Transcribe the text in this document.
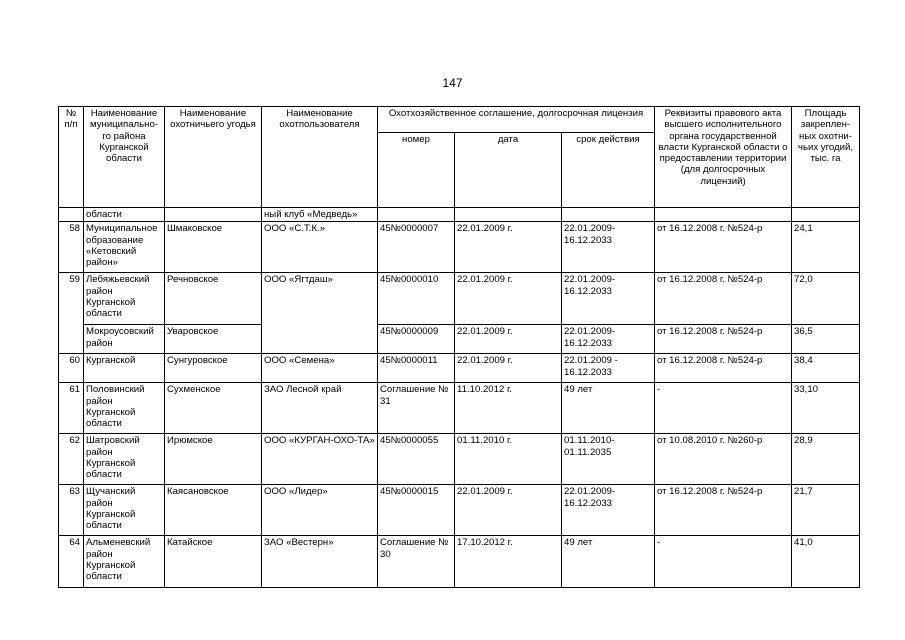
147
№ п/п	Наименование муниципально-го района Курганской области	Наименование охотничьего угодья	Наименование охотпользователя	Охотхозяйственное соглашение, долгосрочная лицензия			Реквизиты правового акта высшего исполнительного органа государственной власти Курганской области о предоставлении территории (для долгосрочных лицензий)	Площадь закреплен-ных охотни-чьих угодий, тыс. га
				номер	дата	срок действия		
	области		ный клуб «Медведь»					
58	Муниципальное образование «Кетовский район»	Шмаковское	ООО «С.Т.К.»	45№0000007	22.01.2009 г.	22.01.2009-16.12.2033	от 16.12.2008 г. №524-р	24,1
59	Лебяжьевский район Курганской области	Речновское	ООО «Ягтдаш»	45№0000010	22.01.2009 г.	22.01.2009-16.12.2033	от 16.12.2008 г. №524-р	72,0
	Мокроусовский район	Уваровское		45№0000009	22.01.2009 г.	22.01.2009-16.12.2033	от 16.12.2008 г. №524-р	36,5
60	Курганской	Сунгуровское	ООО «Семена»	45№0000011	22.01.2009 г.	22.01.2009 - 16.12.2033	от 16.12.2008 г. №524-р	38,4
61	Половинский район Курганской области	Сухменское	ЗАО Лесной край	Соглашение № 31	11.10.2012 г.	49 лет	-	33,10
62	Шатровский район Курганской области	Ирюмское	ООО «КУРГАН-ОХО-ТА»	45№0000055	01.11.2010 г.	01.11.2010-01.11.2035	от 10.08.2010 г. №260-р	28,9
63	Щучанский район Курганской области	Каясановское	ООО «Лидер»	45№0000015	22.01.2009 г.	22.01.2009-16.12.2033	от 16.12.2008 г. №524-р	21,7
64	Альменевский район Курганской области	Катайское	ЗАО «Вестерн»	Соглашение № 30	17.10.2012 г.	49 лет	-	41,0
